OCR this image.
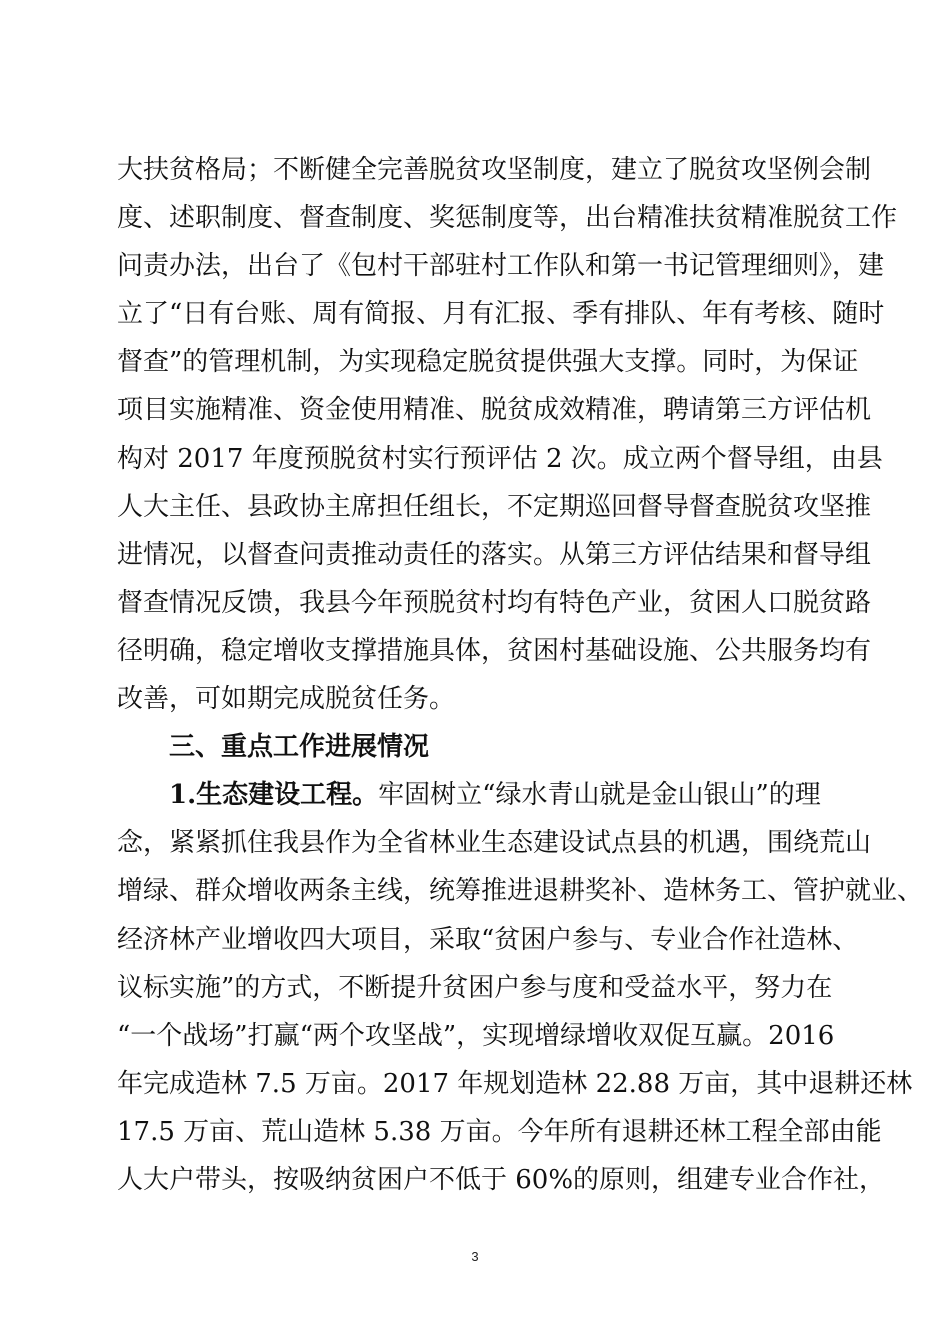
大扶贫格局；不断健全完善脱贫攻坚制度，建立了脱贫攻坚例会制
度、述职制度、督查制度、奖惩制度等，出台精准扶贫精准脱贫工作
问责办法，出台了《包村干部驻村工作队和第一书记管理细则》，建
立了“日有台账、周有简报、月有汇报、季有排队、年有考核、随时
督查”的管理机制，为实现稳定脱贫提供强大支撑。同时，为保证
项目实施精准、资金使用精准、脱贫成效精准，聘请第三方评估机
构对 2017 年度预脱贫村实行预评估 2 次。成立两个督导组，由县
人大主任、县政协主席担任组长，不定期巡回督导督查脱贫攻坚推
进情况，以督查问责推动责任的落实。从第三方评估结果和督导组
督查情况反馈，我县今年预脱贫村均有特色产业，贫困人口脱贫路
径明确，稳定增收支撑措施具体，贫困村基础设施、公共服务均有
改善，可如期完成脱贫任务。
三、重点工作进展情况
1.生态建设工程。牢固树立“绿水青山就是金山银山”的理
念，紧紧抓住我县作为全省林业生态建设试点县的机遇，围绕荒山
增绿、群众增收两条主线，统筹推进退耕奖补、造林务工、管护就业、
经济林产业增收四大项目，采取“贫困户参与、专业合作社造林、
议标实施”的方式，不断提升贫困户参与度和受益水平，努力在
“一个战场”打赢“两个攻坚战”，实现增绿增收双促互赢。2016
年完成造林 7.5 万亩。2017 年规划造林 22.88 万亩，其中退耕还林
17.5 万亩、荒山造林 5.38 万亩。今年所有退耕还林工程全部由能
人大户带头，按吸纳贫困户不低于 60%的原则，组建专业合作社，
3
